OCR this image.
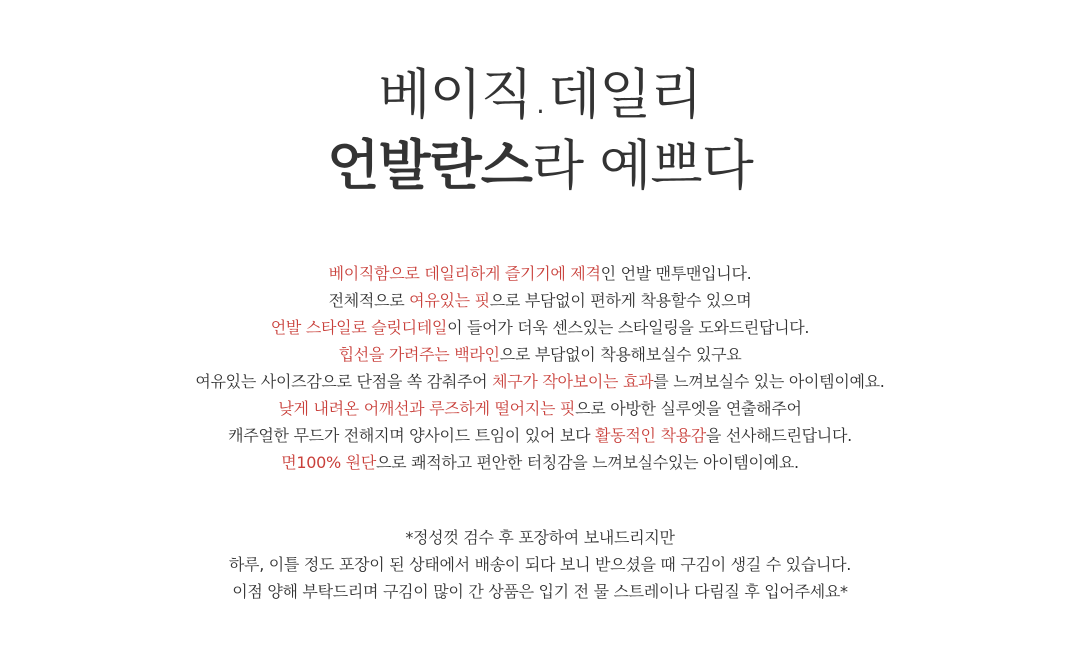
베이직.데일리
언발란스라 예쁘다
베이직함으로 데일리하게 즐기기에 제격인 언발 맨투맨입니다.
전체적으로 여유있는 핏으로 부담없이 편하게 착용할수 있으며
언발 스타일로 슬릿디테일이 들어가 더욱 센스있는 스타일링을 도와드린답니다.
힙선을 가려주는 백라인으로 부담없이 착용해보실수 있구요
여유있는 사이즈감으로 단점을 쏙 감춰주어 체구가 작아보이는 효과를 느껴보실수 있는 아이템이예요.
낮게 내려온 어깨선과 루즈하게 떨어지는 핏으로 아방한 실루엣을 연출해주어
캐주얼한 무드가 전해지며 양사이드 트임이 있어 보다 활동적인 착용감을 선사해드린답니다.
면100% 원단으로 쾌적하고 편안한 터칭감을 느껴보실수있는 아이템이예요.
*정성껏 검수 후 포장하여 보내드리지만
하루, 이틀 정도 포장이 된 상태에서 배송이 되다 보니 받으셨을 때 구김이 생길 수 있습니다.
이점 양해 부탁드리며 구김이 많이 간 상품은 입기 전 물 스트레이나 다림질 후 입어주세요*
